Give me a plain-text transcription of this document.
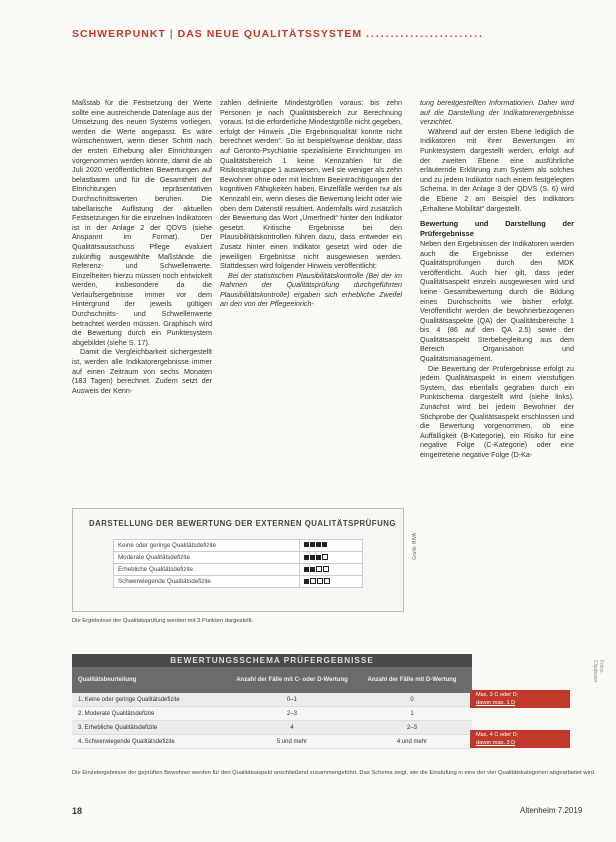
SCHWERPUNKT | DAS NEUE QUALITÄTSSYSTEM ........................

Maßstab für die Festsetzung der Werte sollte eine ausreichende Datenlage aus der Umsetzung des neuen Systems vorliegen, werden die Werte angepasst. Es wäre wünschenswert, wenn dieser Schritt nach der ersten Erhebung aller Einrichtungen vorgenommen werden könnte, damit die ab Juli 2020 veröffentlichten Bewertungen auf belastbaren und für die Gesamtheit der Einrichtungen repräsentativen Durchschnittswerten beruhen. Die tabellarische Auflistung der aktuellen Festsetzungen für die einzelnen Indikatoren ist in der Anlage 2 der QDVS (siehe Anspannt im Format). Der Qualitätsausschuss Pflege evaluiert zukünftig ausgewählte Maßstände die Referenz- und Schwellenwerte. Einzelheiten hierzu müssen noch entwickelt werden, insbesondere da die Verlaufsergebnisse immer vor dem Hintergrund der jeweils gültigen Durchschnitts- und Schwellenwerte betrachtet werden müssen. Graphisch wird die Bewertung durch ein Punktesystem abgebildet (siehe S. 17).

Damit die Vergleichbarkeit sichergestellt ist, werden alle Indikatorergebnisse immer auf einen Zeitraum von sechs Monaten (183 Tagen) berechnet. Zudem setzt der Ausweis der Kenn-

zahlen definierte Mindestgrößen voraus: bis zehn Personen je nach Qualitätsbereich zur Berechnung voraus. Ist die erforderliche Mindestgröße nicht gegeben, erfolgt der Hinweis „Die Ergebnisqualität konnte nicht berechnet werden“. So ist beispielsweise denkbar, dass auf Geronto-Psychiatrie spezialisierte Einrichtungen im Qualitätsbereich 1 keine Kennzahlen für die Risikostratgruppe 1 ausweisen, weil sie weniger als zehn Bewohner ohne oder mit leichten Beeinträchtigungen der kognitiven Fähigkeiten haben. Einzelfälle werden nur als Kennzahl ein, wenn dieses die Bewertung leicht oder wie oben dem Datenstil resultiert. Andernfalls wird zusätzlich der Bewertung das Wort „Umerfriedt“ hinter den Indikator gesetzt. Kritische Ergebnisse bei den Plausibilitätskontrollen führen dazu, dass entweder ein Zusatz hinter einen Indikator gesetzt wird oder die jeweiligen Ergebnisse nicht ausgewiesen werden. Stattdessen wird folgender Hinweis veröffentlicht:

Bei der statistischen Plausibilitätskontrolle (Bei der im Rahmen der Qualitätsprüfung durchgeführten Plausibilitätskontrolle) ergaben sich erhebliche Zweifel an den von der Pflegeeinrich-

tung bereitgestellten Informationen. Daher wird auf die Darstellung der Indikatorenergebnisse verzichtet.

Während auf der ersten Ebene lediglich die Indikatoren mit ihrer Bewertungen im Punktesystem dargestellt werden, erfolgt auf der zweiten Ebene eine ausführliche erläuternde Erklärung zum System als solches und zu jedem Indikator nach einem festgelegten Schema. In der Anlage 3 der QDVS (S. 6) wird die Ebene 2 am Beispiel des Indikators „Erhaltene Mobilität“ dargestellt.

Bewertung und Darstellung der Prüfergebnisse

Neben den Ergebnissen der Indikatoren werden auch die Ergebnisse der externen Qualitätsprüfungen durch den MDK veröffentlicht. Auch hier gilt, dass jeder Qualitätsaspekt einzeln ausgewiesen wird und keine Gesamtbewertung durch die Bildung eines Durchschnitts wie bisher erfolgt. Veröffentlicht werden die bewohnerbezogenen Qualitätsaspekte (QA) der Qualitätsbereiche 1 bis 4 (86 auf den QA 2.5) sowie der Qualitätsaspekt Sterbebegleitung aus dem Bereich Organisation und Qualitätsmanagement.

Die Bewertung der Prüfergebnisse erfolgt zu jedem Qualitätsaspekt in einem vierstufigen System, das ebenfalls gegraben durch ein Punktschema dargestellt wird (siehe links). Zunächst wird bei jedem Bewohner der Stichprobe der Qualitätsaspekt erschlossen und die Bewertung vorgenommen, ob eine Auffälligkeit (B-Kategorie), ein Risiko für eine negative Folge (C-Kategorie) oder eine eingetretene negative Folge (D-Ka-

DARSTELLUNG DER BEWERTUNG DER EXTERNEN QUALITÄTSPRÜFUNG
Keine oder geringe Qualitätsdefizite	
Moderate Qualitätsdefizite	
Erhebliche Qualitätsdefizite	
Schwerwiegende Qualitätsdefizite	
Die Ergebnisse der Qualitätsprüfung werden mit 3 Punkten dargestellt.
Grafik: BIVA
BEWERTUNGSSCHEMA PRÜFERGEBNISSE
Qualitätsbeurteilung	Anzahl der Fälle mit C- oder D-Wertung	Anzahl der Fälle mit D-Wertung
1. Keine oder geringe Qualitätsdefizite	0–1	0
2. Moderate Qualitätsdefizite	2–3	1
3. Erhebliche Qualitätsdefizite	4	2–3
4. Schwerwiegende Qualitätsdefizite	5 und mehr	4 und mehr
Max. 3 C oder D,
davon max. 1 D
Max. 4 C oder D,
davon max. 3 D
Die Einzelergebnisse der geprüften Bewohner werden für den Qualitätsaspekt anschließend zusammengeführt. Das Schema zeigt, wie die Einstufung in eine der vier Qualitätskategorien abgearbeitet wird.
18	Altenheim 7.2019
Fotos: Clipdealer
